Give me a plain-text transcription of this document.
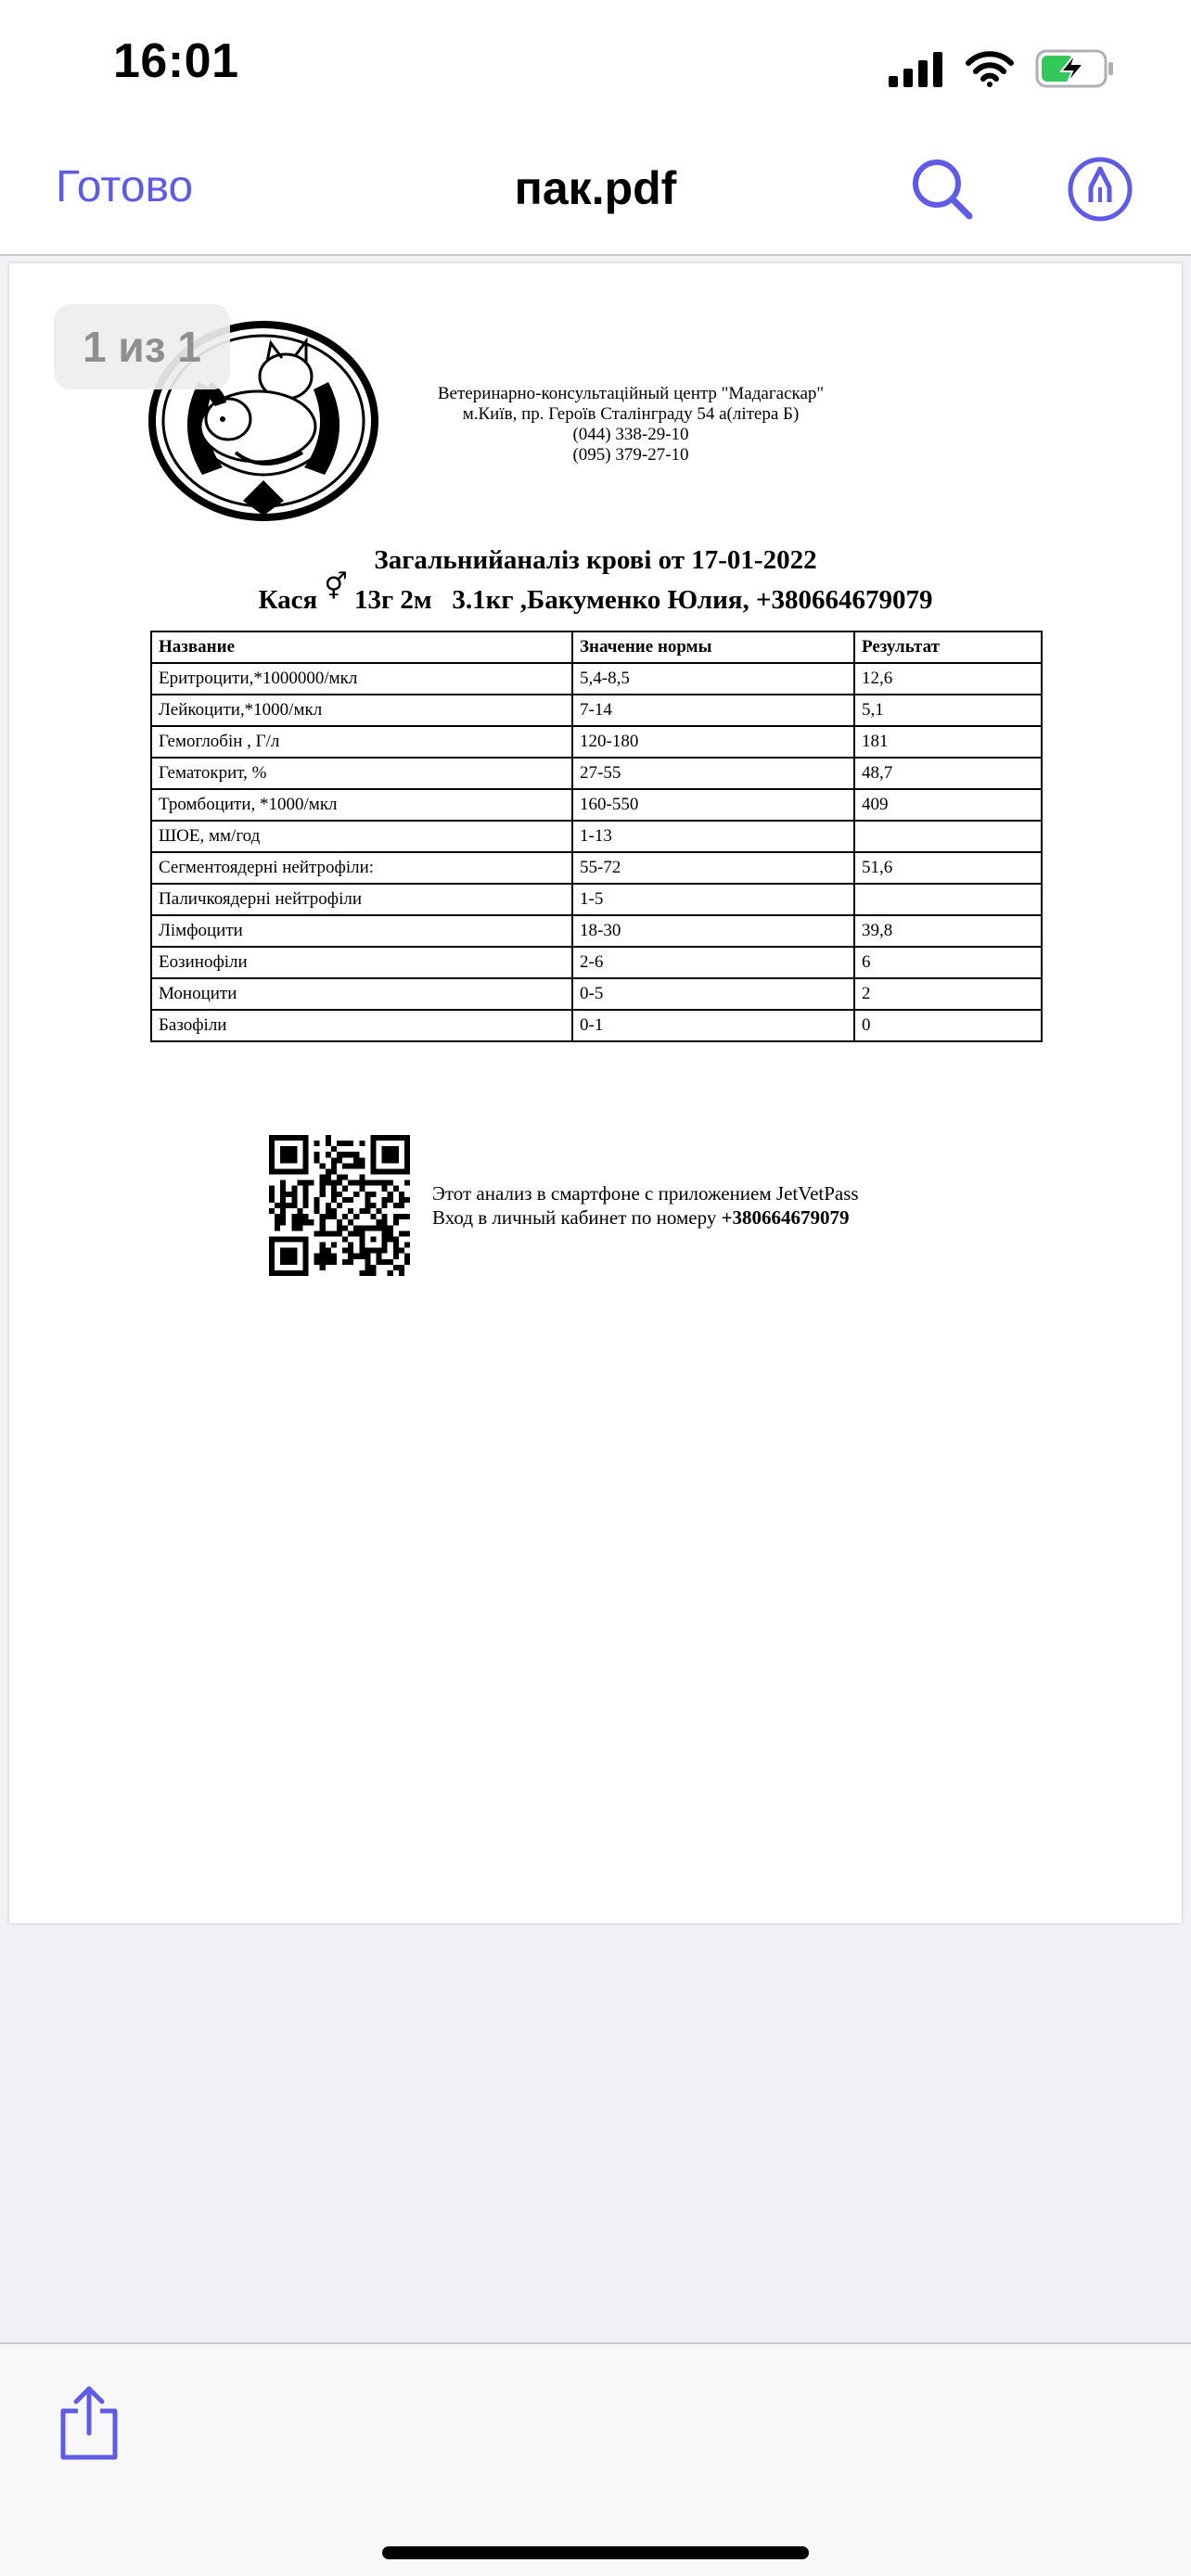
16:01
Готово	пак.pdf
1 из 1
Ветеринарно-консультаційный центр "Мадагаскар"
м.Київ, пр. Героїв Сталінграду 54 а(літера Б)
(044) 338-29-10
(095) 379-27-10
Загальнийаналіз крові от 17-01-2022
Кася ⚥ 13г 2м   3.1кг ,Бакуменко Юлия, +380664679079
Название	Значение нормы	Результат
Еритроцити,*1000000/мкл	5,4-8,5	12,6
Лейкоцити,*1000/мкл	7-14	5,1
Гемоглобін , Г/л	120-180	181
Гематокрит, %	27-55	48,7
Тромбоцити, *1000/мкл	160-550	409
ШОЕ, мм/год	1-13	
Сегментоядерні нейтрофіли:	55-72	51,6
Паличкоядерні нейтрофіли	1-5	
Лімфоцити	18-30	39,8
Еозинофіли	2-6	6
Моноцити	0-5	2
Базофіли	0-1	0
Этот анализ в смартфоне с приложением JetVetPass
Вход в личный кабинет по номеру +380664679079
